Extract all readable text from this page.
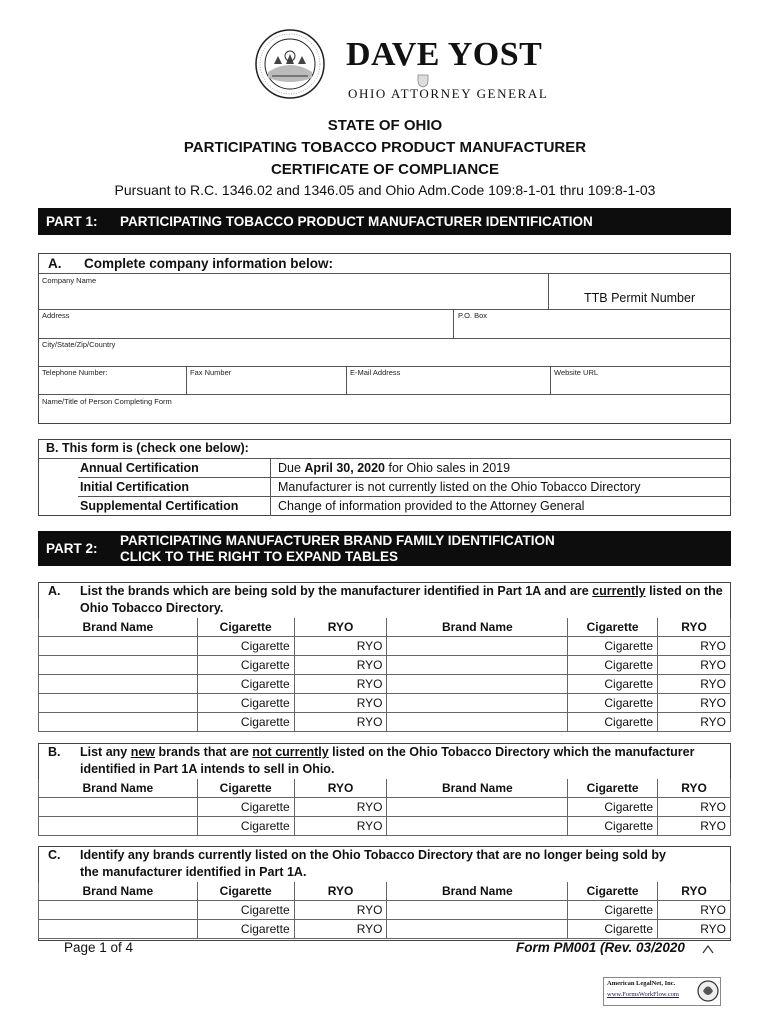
DAVE YOST
OHIO ATTORNEY GENERAL
STATE OF OHIO
PARTICIPATING TOBACCO PRODUCT MANUFACTURER
CERTIFICATE OF COMPLIANCE
Pursuant to R.C. 1346.02 and 1346.05 and Ohio Adm.Code 109:8-1-01 thru 109:8-1-03
PART 1: PARTICIPATING TOBACCO PRODUCT MANUFACTURER IDENTIFICATION
A. Complete company information below:
Company Name
TTB Permit Number
Address	P.O. Box
City/State/Zip/Country
Telephone Number:	Fax Number	E-Mail Address	Website URL
Name/Title of Person Completing Form
B. This form is (check one below):
Annual Certification	Due April 30, 2020 for Ohio sales in 2019
Initial Certification	Manufacturer is not currently listed on the Ohio Tobacco Directory
Supplemental Certification	Change of information provided to the Attorney General
PART 2:
PARTICIPATING MANUFACTURER BRAND FAMILY IDENTIFICATION
CLICK TO THE RIGHT TO EXPAND TABLES
A. List the brands which are being sold by the manufacturer identified in Part 1A and are currently listed on the
Ohio Tobacco Directory.
Brand Name	Cigarette	RYO	Brand Name	Cigarette	RYO
	Cigarette	RYO		Cigarette	RYO
	Cigarette	RYO		Cigarette	RYO
	Cigarette	RYO		Cigarette	RYO
	Cigarette	RYO		Cigarette	RYO
	Cigarette	RYO		Cigarette	RYO
B. List any new brands that are not currently listed on the Ohio Tobacco Directory which the manufacturer
identified in Part 1A intends to sell in Ohio.
Brand Name	Cigarette	RYO	Brand Name	Cigarette	RYO
	Cigarette	RYO		Cigarette	RYO
	Cigarette	RYO		Cigarette	RYO
C. Identify any brands currently listed on the Ohio Tobacco Directory that are no longer being sold by
the manufacturer identified in Part 1A.
Brand Name	Cigarette	RYO	Brand Name	Cigarette	RYO
	Cigarette	RYO		Cigarette	RYO
	Cigarette	RYO		Cigarette	RYO
Page 1 of 4	Form PM001 (Rev. 03/2020
American LegalNet, Inc.
www.FormsWorkFlow.com
